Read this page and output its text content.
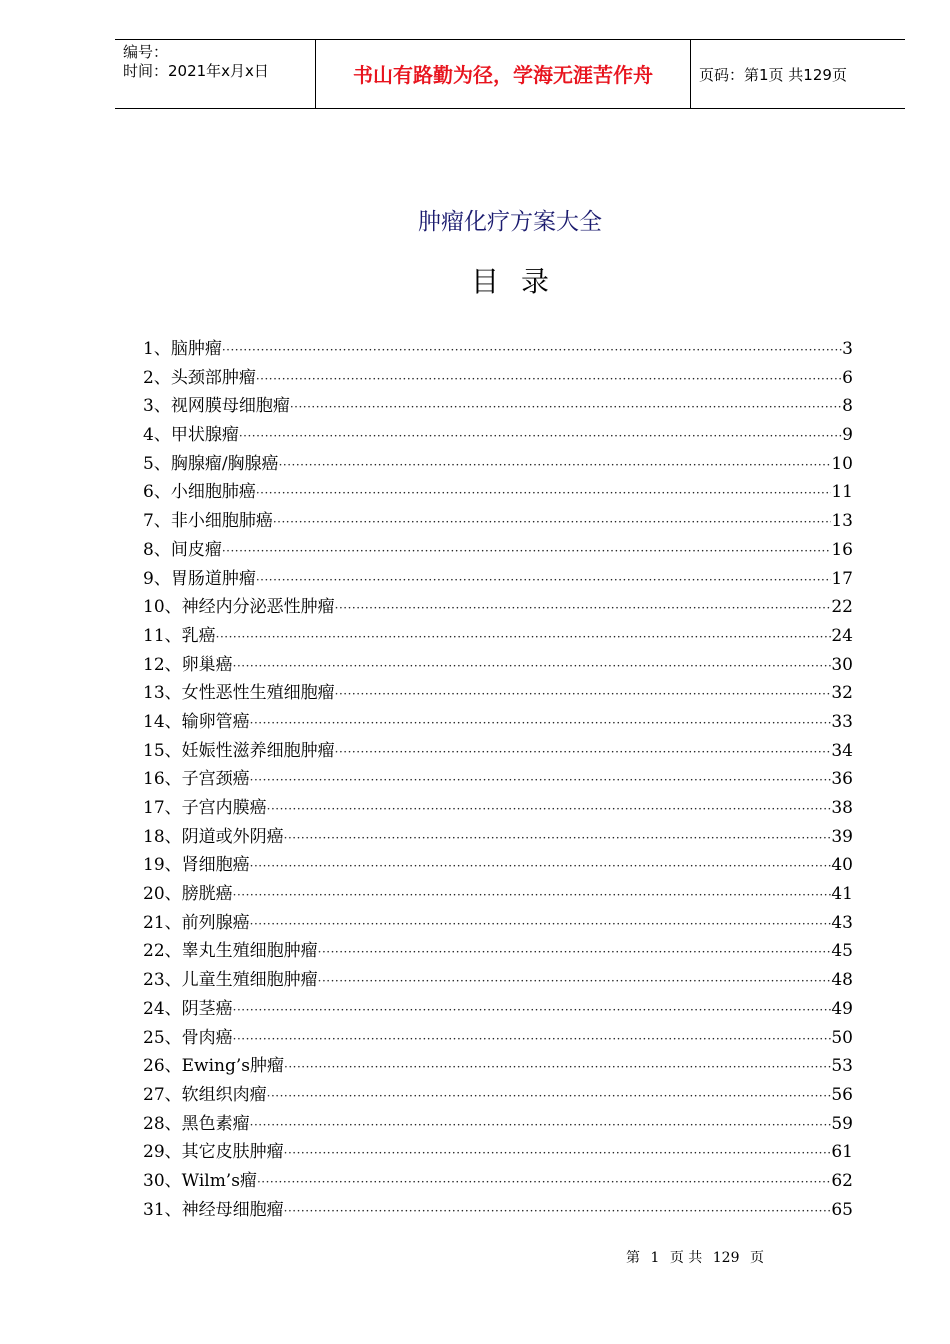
编号：
时间：2021年x月x日	书山有路勤为径，学海无涯苦作舟	页码：第1页 共129页
肿瘤化疗方案大全
目录
1、 脑肿瘤 ·····	3
2、 头颈部肿瘤 ·····	6
3、 视网膜母细胞瘤 ·····	8
4、 甲状腺瘤 ·····	9
5、 胸腺瘤/胸腺癌 ·····	10
6、 小细胞肺癌 ·····	11
7、 非小细胞肺癌 ·····	13
8、 间皮瘤 ·····	16
9、 胃肠道肿瘤 ·····	17
10、 神经内分泌恶性肿瘤 ·····	22
11、 乳癌 ·····	24
12、 卵巢癌 ·····	30
13、 女性恶性生殖细胞瘤 ·····	32
14、 输卵管癌 ·····	33
15、 妊娠性滋养细胞肿瘤 ·····	34
16、 子宫颈癌 ·····	36
17、 子宫内膜癌 ·····	38
18、 阴道或外阴癌 ·····	39
19、 肾细胞癌 ·····	40
20、 膀胱癌 ·····	41
21、 前列腺癌 ·····	43
22、 睾丸生殖细胞肿瘤 ·····	45
23、 儿童生殖细胞肿瘤 ·····	48
24、 阴茎癌 ·····	49
25、 骨肉癌 ·····	50
26、 Ewing’s肿瘤 ·····	53
27、 软组织肉瘤 ·····	56
28、 黑色素瘤 ·····	59
29、 其它皮肤肿瘤 ·····	61
30、 Wilm’s瘤 ·····	62
31、 神经母细胞瘤 ·····	65
第 1 页 共 129 页
